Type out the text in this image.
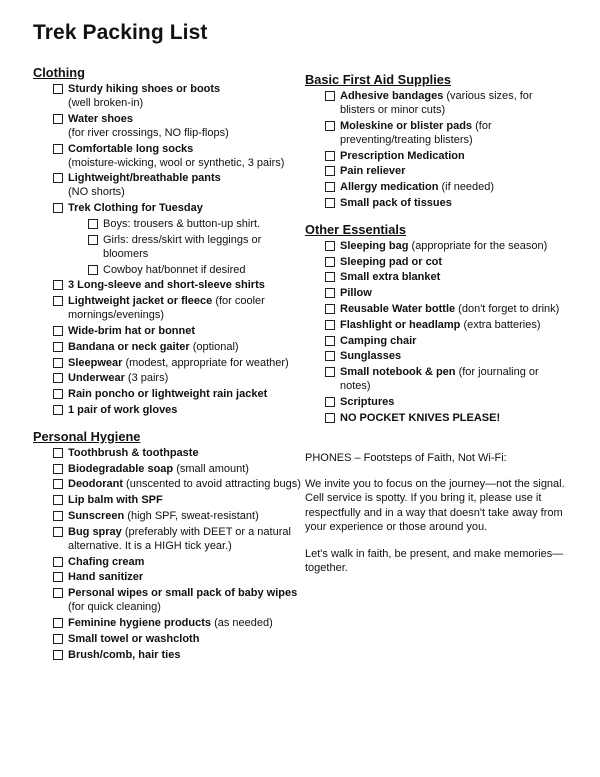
Trek Packing List
Clothing
Sturdy hiking shoes or boots
(well broken-in)
Water shoes
(for river crossings, NO flip-flops)
Comfortable long socks
(moisture-wicking, wool or synthetic, 3 pairs)
Lightweight/breathable pants
(NO shorts)
Trek Clothing for Tuesday
Boys: trousers & button-up shirt.
Girls: dress/skirt with leggings or bloomers
Cowboy hat/bonnet if desired
3 Long-sleeve and short-sleeve shirts
Lightweight jacket or fleece (for cooler mornings/evenings)
Wide-brim hat or bonnet
Bandana or neck gaiter (optional)
Sleepwear (modest, appropriate for weather)
Underwear (3 pairs)
Rain poncho or lightweight rain jacket
1 pair of work gloves
Personal Hygiene
Toothbrush & toothpaste
Biodegradable soap (small amount)
Deodorant (unscented to avoid attracting bugs)
Lip balm with SPF
Sunscreen (high SPF, sweat-resistant)
Bug spray (preferably with DEET or a natural alternative. It is a HIGH tick year.)
Chafing cream
Hand sanitizer
Personal wipes or small pack of baby wipes (for quick cleaning)
Feminine hygiene products (as needed)
Small towel or washcloth
Brush/comb, hair ties
Basic First Aid Supplies
Adhesive bandages (various sizes, for blisters or minor cuts)
Moleskine or blister pads (for preventing/treating blisters)
Prescription Medication
Pain reliever
Allergy medication (if needed)
Small pack of tissues
Other Essentials
Sleeping bag (appropriate for the season)
Sleeping pad or cot
Small extra blanket
Pillow
Reusable Water bottle (don't forget to drink)
Flashlight or headlamp (extra batteries)
Camping chair
Sunglasses
Small notebook & pen (for journaling or notes)
Scriptures
NO POCKET KNIVES PLEASE!
PHONES – Footsteps of Faith, Not Wi-Fi:

We invite you to focus on the journey—not the signal. Cell service is spotty. If you bring it, please use it respectfully and in a way that doesn't take away from your experience or those around you.

Let's walk in faith, be present, and make memories—together.
